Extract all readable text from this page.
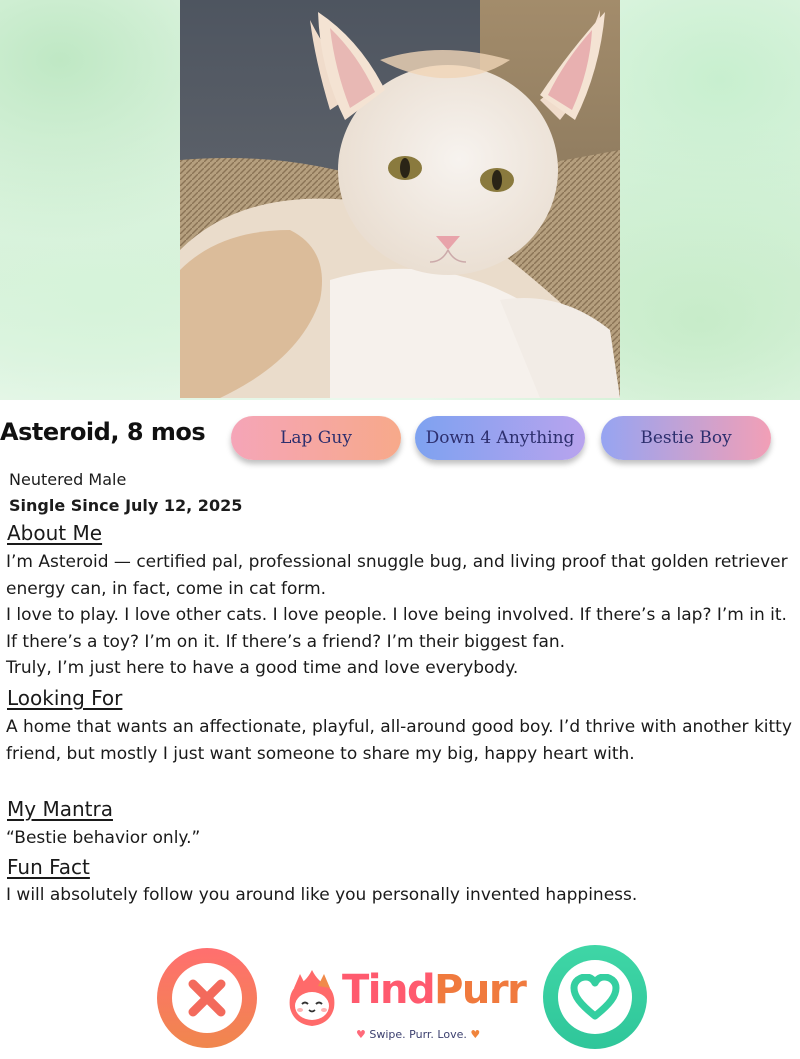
Asteroid, 8 mos	Lap Guy	Down 4 Anything	Bestie Boy
Neutered Male
Single Since July 12, 2025
About Me

I’m Asteroid — certified pal, professional snuggle bug, and living proof that golden retriever energy can, in fact, come in cat form.

I love to play. I love other cats. I love people. I love being involved. If there’s a lap? I’m in it. If there’s a toy? I’m on it. If there’s a friend? I’m their biggest fan.

Truly, I’m just here to have a good time and love everybody.

Looking For

A home that wants an affectionate, playful, all-around good boy. I’d thrive with another kitty friend, but mostly I just want someone to share my big, happy heart with.

My Mantra

“Bestie behavior only.”

Fun Fact

I will absolutely follow you around like you personally invented happiness.

TindPurr
♥ Swipe. Purr. Love. ♥
